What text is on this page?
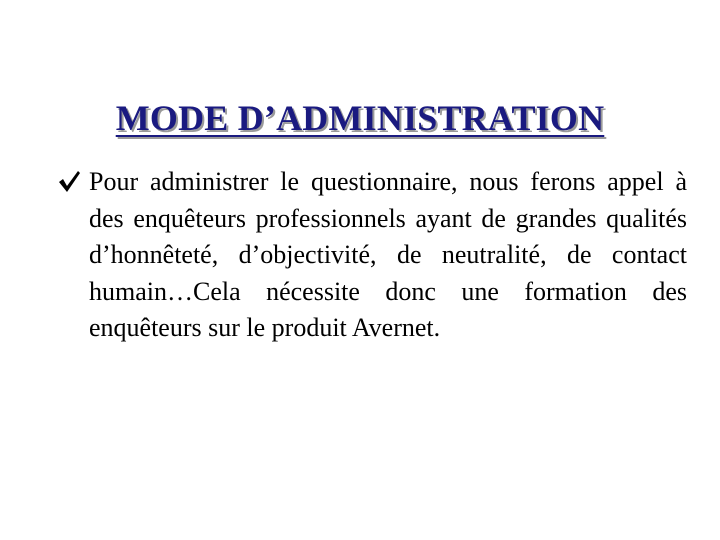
MODE D’ADMINISTRATION

Pour administrer le questionnaire, nous ferons appel à des enquêteurs professionnels ayant de grandes qualités d’honnêteté, d’objectivité, de neutralité, de contact humain…Cela nécessite donc une formation des enquêteurs sur le produit Avernet.
